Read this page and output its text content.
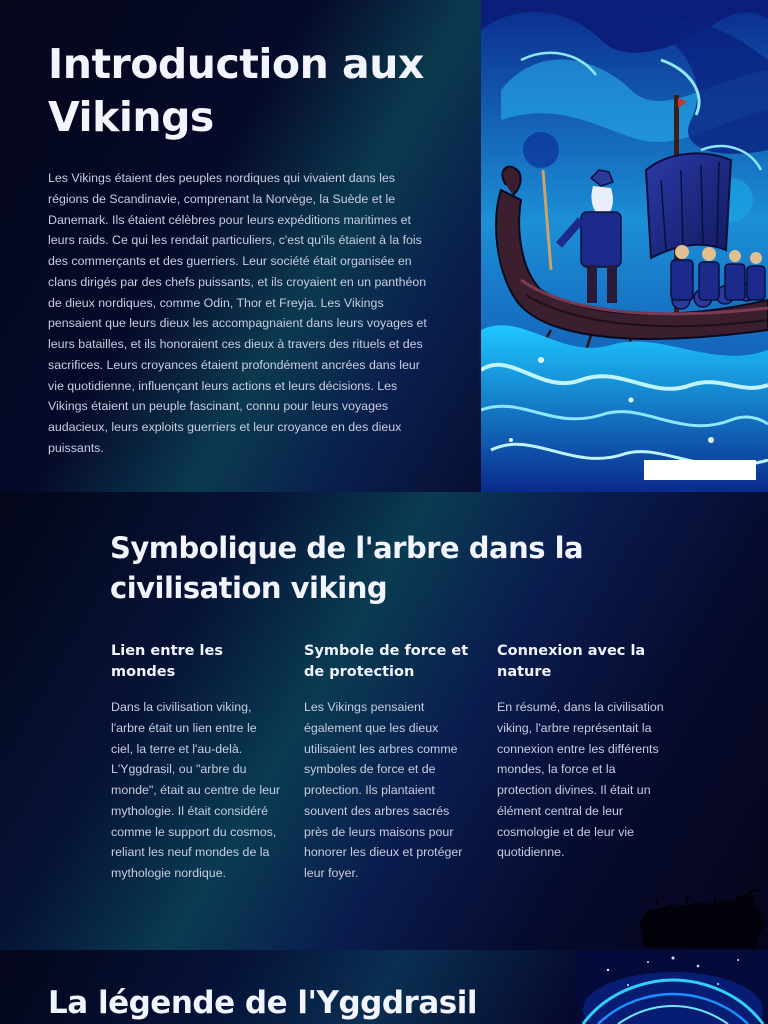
Introduction aux Vikings

Les Vikings étaient des peuples nordiques qui vivaient dans les régions de Scandinavie, comprenant la Norvège, la Suède et le Danemark. Ils étaient célèbres pour leurs expéditions maritimes et leurs raids. Ce qui les rendait particuliers, c'est qu'ils étaient à la fois des commerçants et des guerriers. Leur société était organisée en clans dirigés par des chefs puissants, et ils croyaient en un panthéon de dieux nordiques, comme Odin, Thor et Freyja. Les Vikings pensaient que leurs dieux les accompagnaient dans leurs voyages et leurs batailles, et ils honoraient ces dieux à travers des rituels et des sacrifices. Leurs croyances étaient profondément ancrées dans leur vie quotidienne, influençant leurs actions et leurs décisions. Les Vikings étaient un peuple fascinant, connu pour leurs voyages audacieux, leurs exploits guerriers et leur croyance en des dieux puissants.

Symbolique de l'arbre dans la civilisation viking
Lien entre les mondes

Dans la civilisation viking, l'arbre était un lien entre le ciel, la terre et l'au-delà. L'Yggdrasil, ou "arbre du monde", était au centre de leur mythologie. Il était considéré comme le support du cosmos, reliant les neuf mondes de la mythologie nordique.

Symbole de force et de protection

Les Vikings pensaient également que les dieux utilisaient les arbres comme symboles de force et de protection. Ils plantaient souvent des arbres sacrés près de leurs maisons pour honorer les dieux et protéger leur foyer.

Connexion avec la nature

En résumé, dans la civilisation viking, l'arbre représentait la connexion entre les différents mondes, la force et la protection divines. Il était un élément central de leur cosmologie et de leur vie quotidienne.

La légende de l'Yggdrasil
